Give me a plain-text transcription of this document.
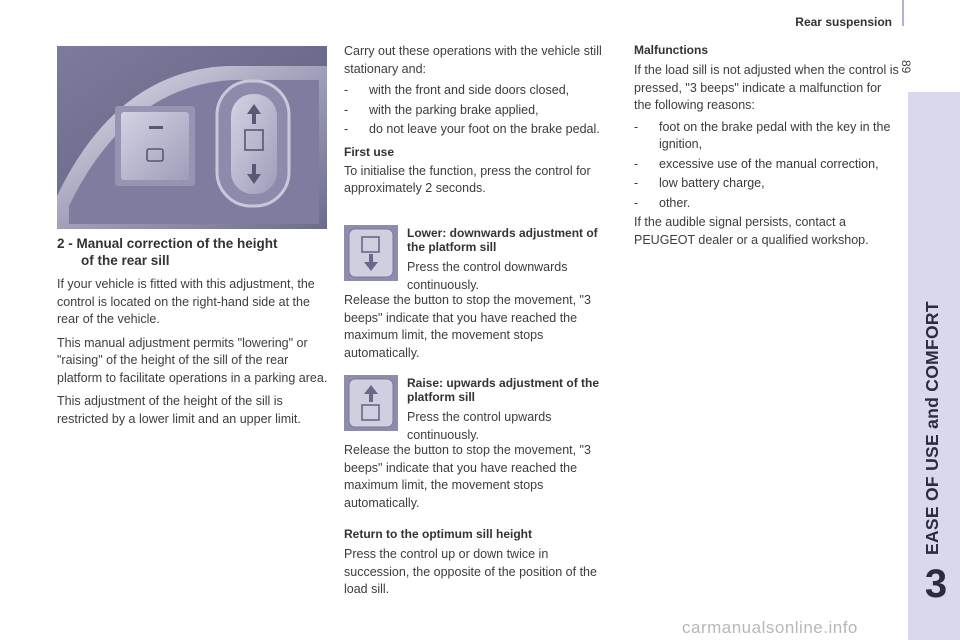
Rear suspension
89
3
2 - Manual correction of the height
of the rear sill

If your vehicle is fitted with this adjustment, the control is located on the right-hand side at the rear of the vehicle.

This manual adjustment permits "lowering" or "raising" of the height of the sill of the rear platform to facilitate operations in a parking area.

This adjustment of the height of the sill is restricted by a lower limit and an upper limit.

Carry out these operations with the vehicle still stationary and:

- with the front and side doors closed,
- with the parking brake applied,
- do not leave your foot on the brake pedal.

First use

To initialise the function, press the control for approximately 2 seconds.

Lower: downwards adjustment of the platform sill

Press the control downwards continuously.

Release the button to stop the movement, "3 beeps" indicate that you have reached the maximum limit, the movement stops automatically.

Raise: upwards adjustment of the platform sill

Press the control upwards continuously.

Release the button to stop the movement, "3 beeps" indicate that you have reached the maximum limit, the movement stops automatically.

Return to the optimum sill height

Press the control up or down twice in succession, the opposite of the position of the load sill.

Malfunctions

If the load sill is not adjusted when the control is pressed, "3 beeps" indicate a malfunction for the following reasons:

- foot on the brake pedal with the key in the ignition,
- excessive use of the manual correction,
- low battery charge,
- other.

If the audible signal persists, contact a PEUGEOT dealer or a qualified workshop.

carmanualsonline.info
